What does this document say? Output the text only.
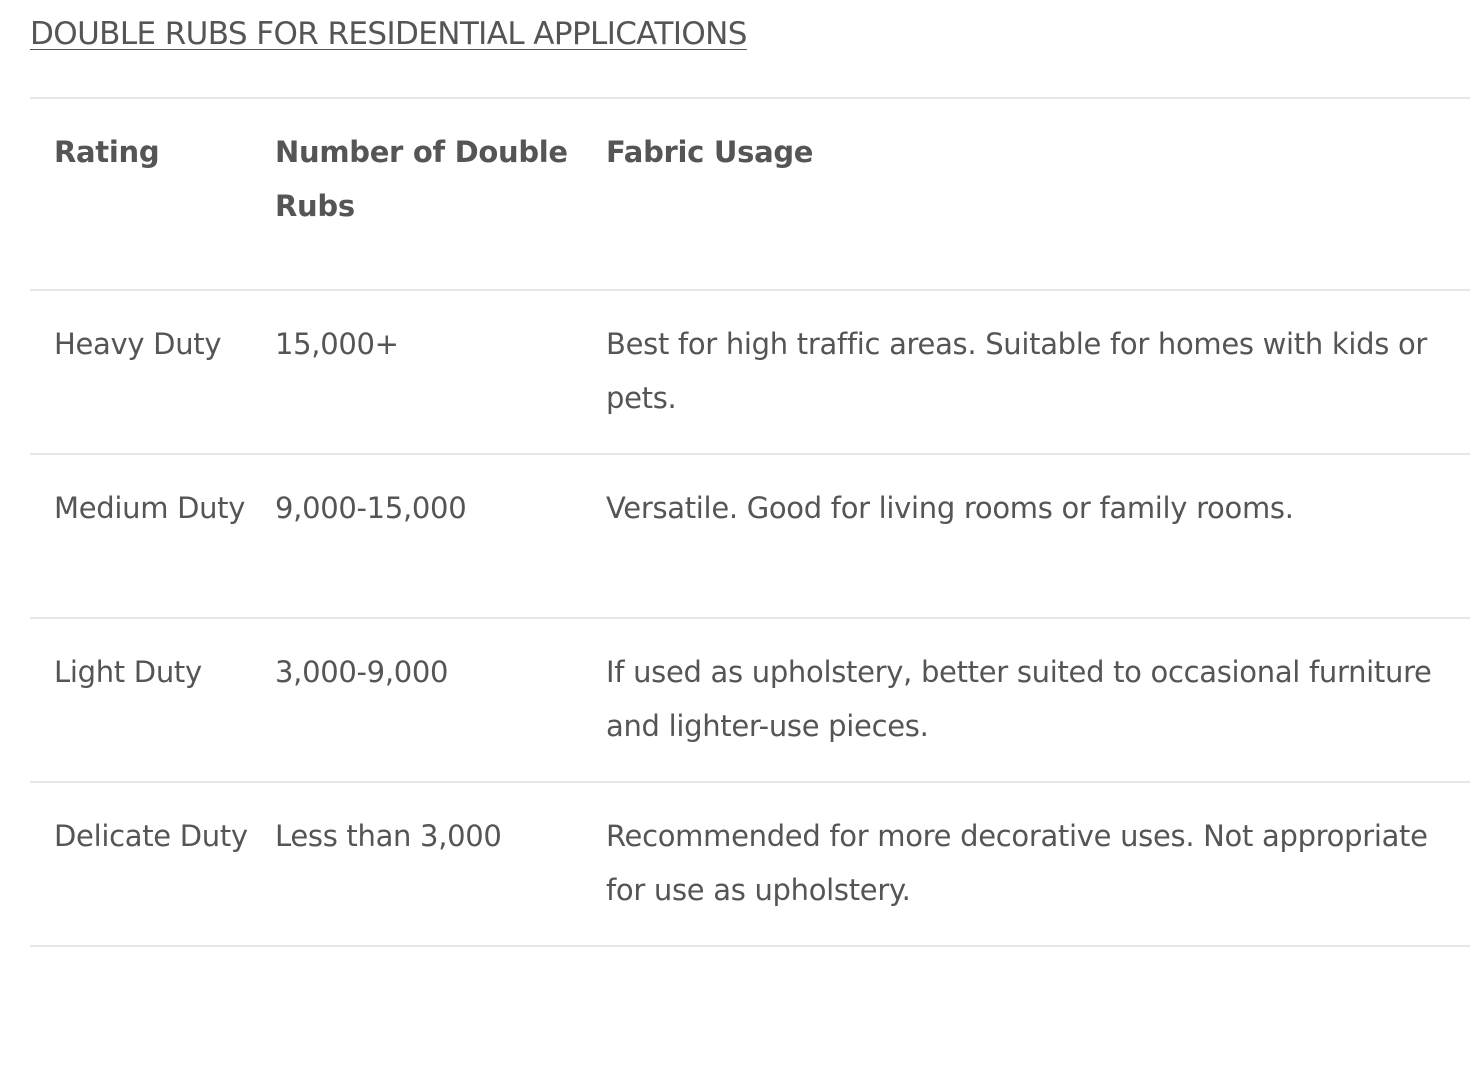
DOUBLE RUBS FOR RESIDENTIAL APPLICATIONS
Rating	Number of Double Rubs	Fabric Usage
Heavy Duty	15,000+	Best for high traffic areas. Suitable for homes with kids or pets.
Medium Duty	9,000-15,000	Versatile. Good for living rooms or family rooms.
Light Duty	3,000-9,000	If used as upholstery, better suited to occasional furniture and lighter-use pieces.
Delicate Duty	Less than 3,000	Recommended for more decorative uses. Not appropriate for use as upholstery.
